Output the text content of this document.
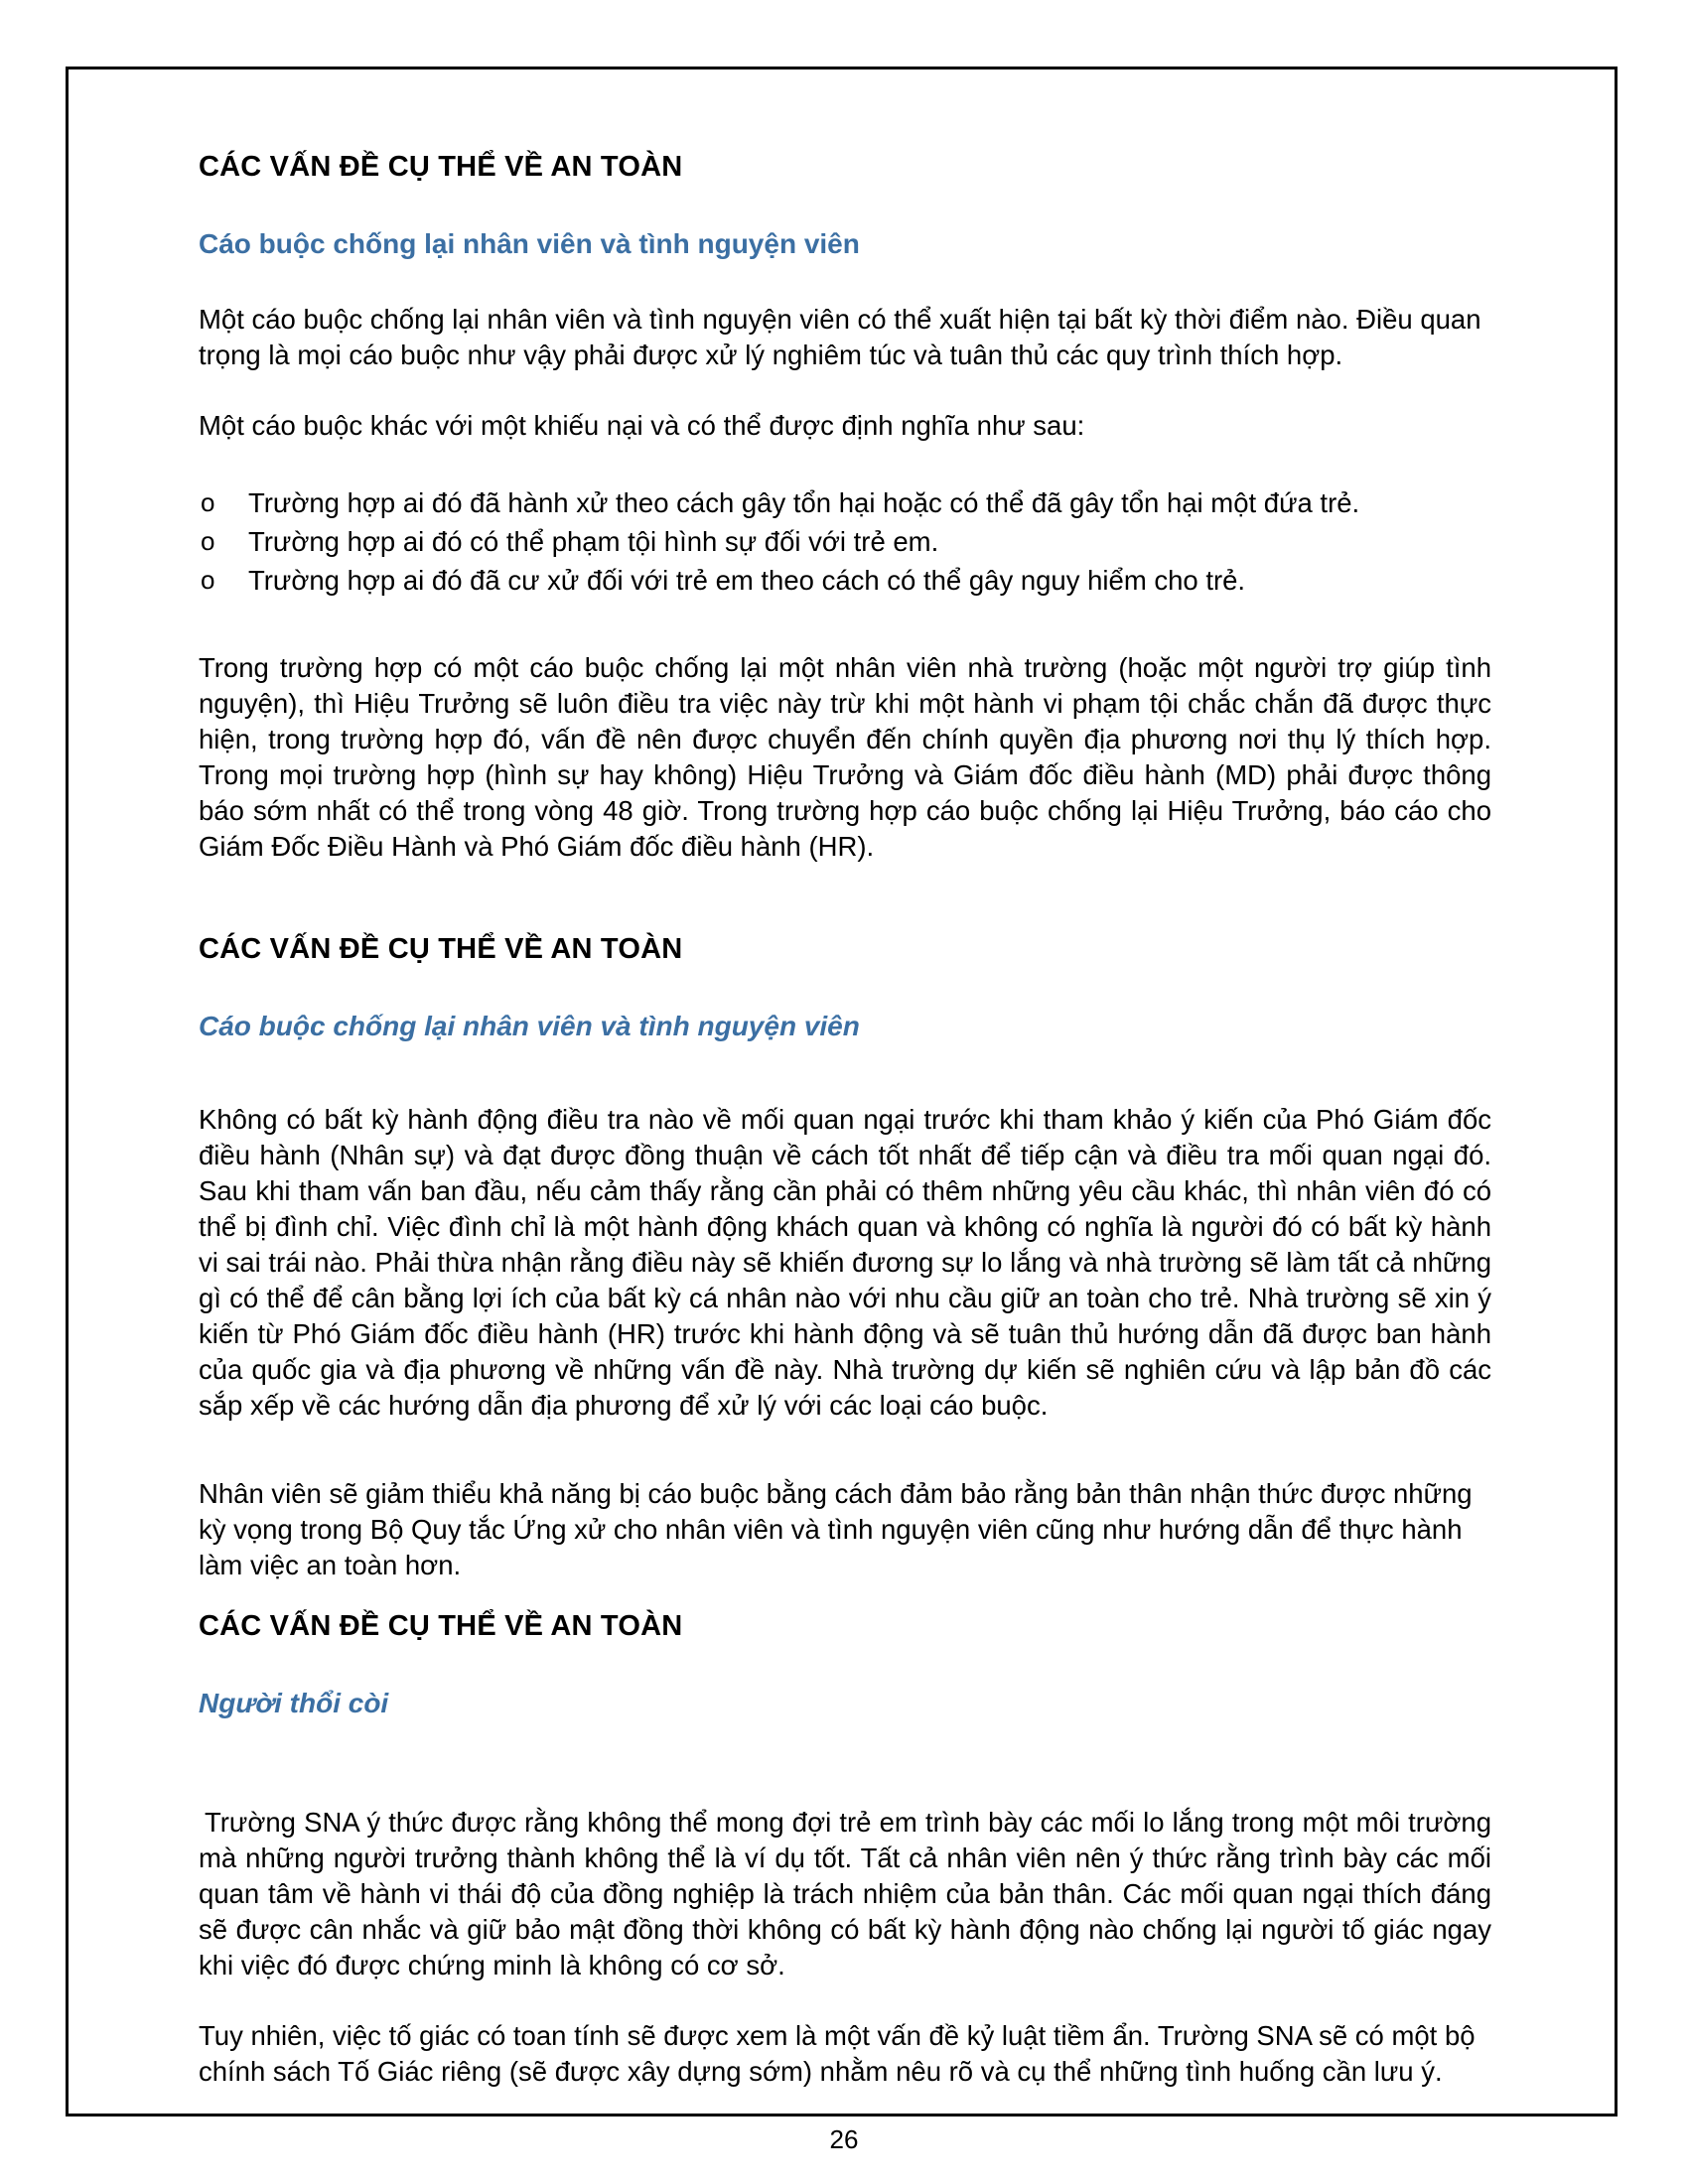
CÁC VẤN ĐỀ CỤ THỂ VỀ AN TOÀN
Cáo buộc chống lại nhân viên và tình nguyện viên

Một cáo buộc chống lại nhân viên và tình nguyện viên có thể xuất hiện tại bất kỳ thời điểm nào. Điều quan trọng là mọi cáo buộc như vậy phải được xử lý nghiêm túc và tuân thủ các quy trình thích hợp.

Một cáo buộc khác với một khiếu nại và có thể được định nghĩa như sau:

o Trường hợp ai đó đã hành xử theo cách gây tổn hại hoặc có thể đã gây tổn hại một đứa trẻ.
o Trường hợp ai đó có thể phạm tội hình sự đối với trẻ em.
o Trường hợp ai đó đã cư xử đối với trẻ em theo cách có thể gây nguy hiểm cho trẻ.

Trong trường hợp có một cáo buộc chống lại một nhân viên nhà trường (hoặc một người trợ giúp tình nguyện), thì Hiệu Trưởng sẽ luôn điều tra việc này trừ khi một hành vi phạm tội chắc chắn đã được thực hiện, trong trường hợp đó, vấn đề nên được chuyển đến chính quyền địa phương nơi thụ lý thích hợp. Trong mọi trường hợp (hình sự hay không) Hiệu Trưởng và Giám đốc điều hành (MD) phải được thông báo sớm nhất có thể trong vòng 48 giờ. Trong trường hợp cáo buộc chống lại Hiệu Trưởng, báo cáo cho Giám Đốc Điều Hành và Phó Giám đốc điều hành (HR).

CÁC VẤN ĐỀ CỤ THỂ VỀ AN TOÀN
Cáo buộc chống lại nhân viên và tình nguyện viên

Không có bất kỳ hành động điều tra nào về mối quan ngại trước khi tham khảo ý kiến của Phó Giám đốc điều hành (Nhân sự) và đạt được đồng thuận về cách tốt nhất để tiếp cận và điều tra mối quan ngại đó. Sau khi tham vấn ban đầu, nếu cảm thấy rằng cần phải có thêm những yêu cầu khác, thì nhân viên đó có thể bị đình chỉ. Việc đình chỉ là một hành động khách quan và không có nghĩa là người đó có bất kỳ hành vi sai trái nào. Phải thừa nhận rằng điều này sẽ khiến đương sự lo lắng và nhà trường sẽ làm tất cả những gì có thể để cân bằng lợi ích của bất kỳ cá nhân nào với nhu cầu giữ an toàn cho trẻ. Nhà trường sẽ xin ý kiến từ Phó Giám đốc điều hành (HR) trước khi hành động và sẽ tuân thủ hướng dẫn đã được ban hành của quốc gia và địa phương về những vấn đề này. Nhà trường dự kiến sẽ nghiên cứu và lập bản đồ các sắp xếp về các hướng dẫn địa phương để xử lý với các loại cáo buộc.

Nhân viên sẽ giảm thiểu khả năng bị cáo buộc bằng cách đảm bảo rằng bản thân nhận thức được những kỳ vọng trong Bộ Quy tắc Ứng xử cho nhân viên và tình nguyện viên cũng như hướng dẫn để thực hành làm việc an toàn hơn.

CÁC VẤN ĐỀ CỤ THỂ VỀ AN TOÀN
Người thổi còi

Trường SNA ý thức được rằng không thể mong đợi trẻ em trình bày các mối lo lắng trong một môi trường mà những người trưởng thành không thể là ví dụ tốt. Tất cả nhân viên nên ý thức rằng trình bày các mối quan tâm về hành vi thái độ của đồng nghiệp là trách nhiệm của bản thân. Các mối quan ngại thích đáng sẽ được cân nhắc và giữ bảo mật đồng thời không có bất kỳ hành động nào chống lại người tố giác ngay khi việc đó được chứng minh là không có cơ sở.

Tuy nhiên, việc tố giác có toan tính sẽ được xem là một vấn đề kỷ luật tiềm ẩn. Trường SNA sẽ có một bộ chính sách Tố Giác riêng (sẽ được xây dựng sớm) nhằm nêu rõ và cụ thể những tình huống cần lưu ý.

26
